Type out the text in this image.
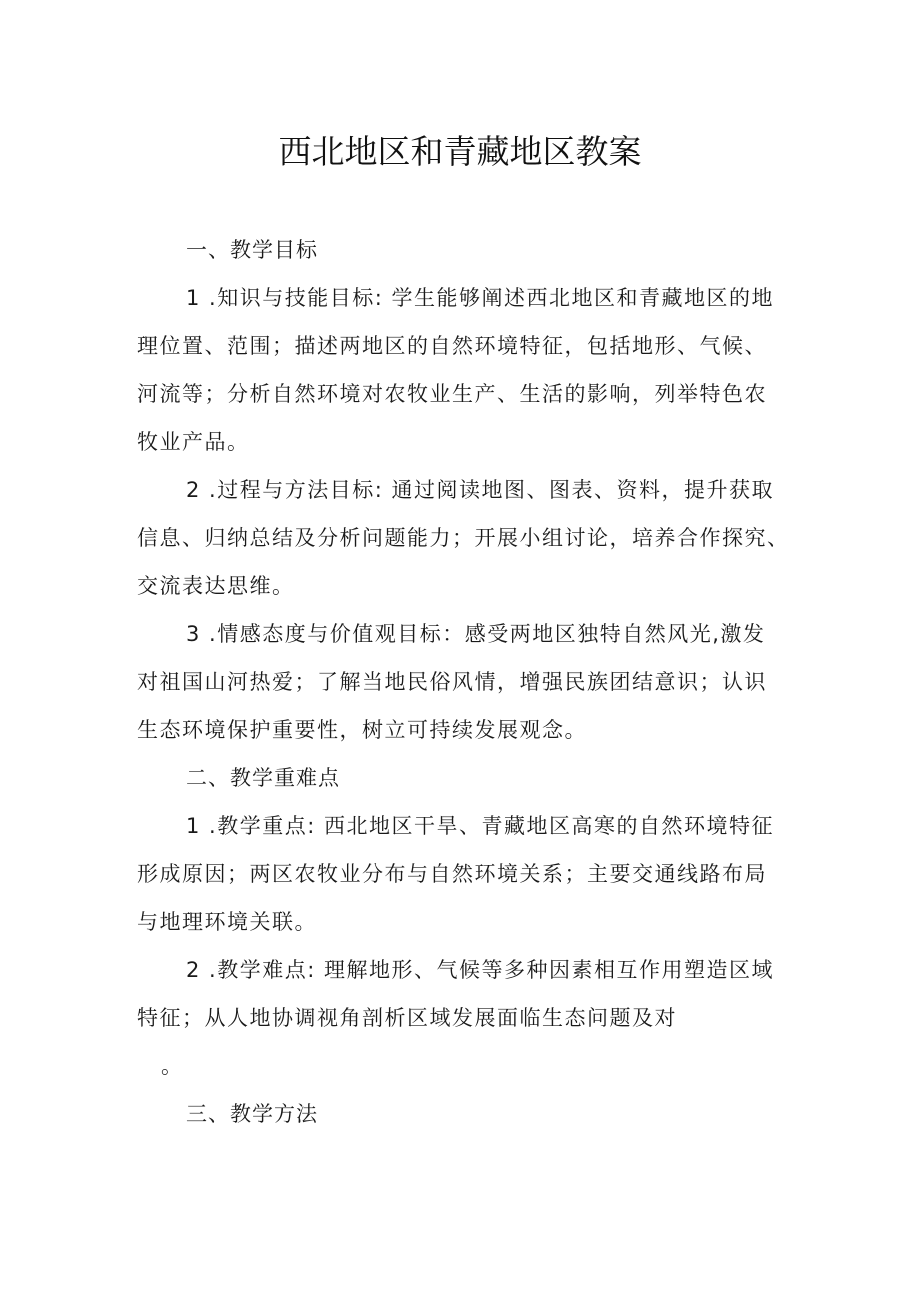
西北地区和青藏地区教案
一、教学目标

1 .知识与技能目标: 学生能够阐述西北地区和青藏地区的地
理位置、范围；描述两地区的自然环境特征，包括地形、气候、
河流等；分析自然环境对农牧业生产、生活的影响，列举特色农
牧业产品。

2 .过程与方法目标: 通过阅读地图、图表、资料，提升获取
信息、归纳总结及分析问题能力；开展小组讨论，培养合作探究、
交流表达思维。

3 .情感态度与价值观目标：感受两地区独特自然风光,激发
对祖国山河热爱；了解当地民俗风情，增强民族团结意识；认识
生态环境保护重要性，树立可持续发展观念。

二、教学重难点

1 .教学重点: 西北地区干旱、青藏地区高寒的自然环境特征
形成原因；两区农牧业分布与自然环境关系；主要交通线路布局
与地理环境关联。

2 .教学难点: 理解地形、气候等多种因素相互作用塑造区域
特征；从人地协调视角剖析区域发展面临生态问题及对
。

三、教学方法
